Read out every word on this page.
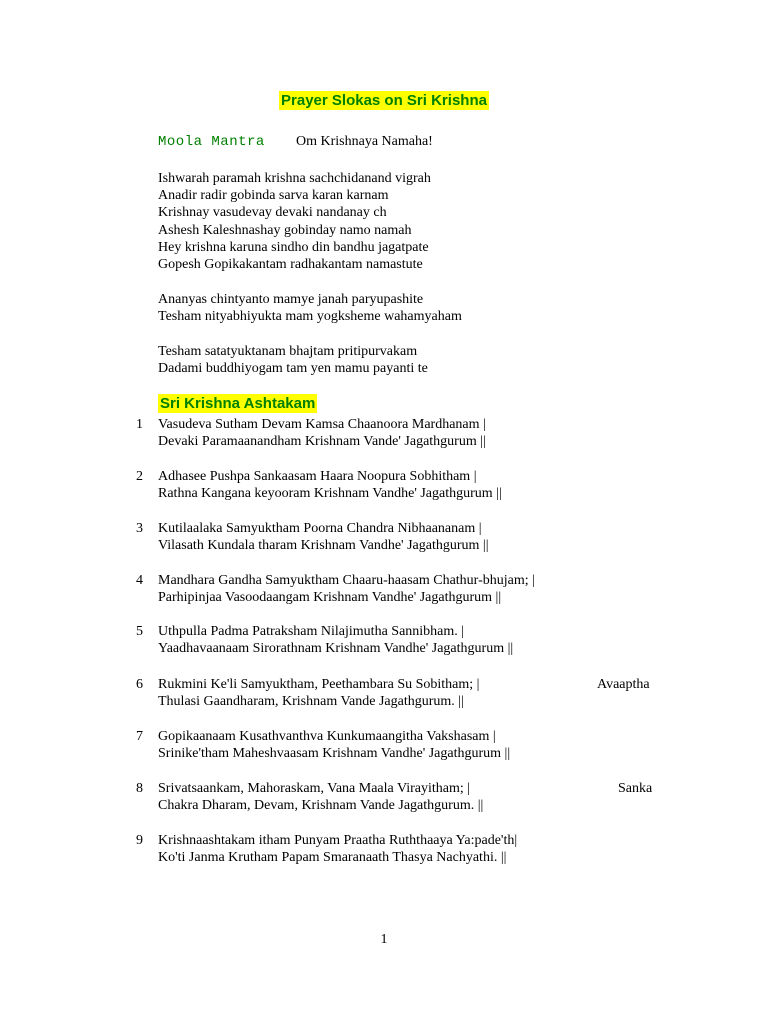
Prayer Slokas on Sri Krishna
Moola Mantra Om Krishnaya Namaha!
Ishwarah paramah krishna sachchidanand vigrah
Anadir radir gobinda sarva karan karnam
Krishnay vasudevay devaki nandanay ch
Ashesh Kaleshnashay gobinday namo namah
Hey krishna karuna sindho din bandhu jagatpate
Gopesh Gopikakantam radhakantam namastute
Ananyas chintyanto mamye janah paryupashite
Tesham nityabhiyukta mam yogksheme wahamyaham
Tesham satatyuktanam bhajtam pritipurvakam
Dadami buddhiyogam tam yen mamu payanti te
Sri Krishna Ashtakam
1 Vasudeva Sutham Devam Kamsa Chaanoora Mardhanam |
Devaki Paramaanandham Krishnam Vande' Jagathgurum ||
2 Adhasee Pushpa Sankaasam Haara Noopura Sobhitham |
Rathna Kangana keyooram Krishnam Vandhe' Jagathgurum ||
3 Kutilaalaka Samyuktham Poorna Chandra Nibhaananam |
Vilasath Kundala tharam Krishnam Vandhe' Jagathgurum ||
4 Mandhara Gandha Samyuktham Chaaru-haasam Chathur-bhujam; |
Parhipinjaa Vasoodaangam Krishnam Vandhe' Jagathgurum ||
5 Uthpulla Padma Patraksham Nilajimutha Sannibham. |
Yaadhavaanaam Sirorathnam Krishnam Vandhe' Jagathgurum ||
6 Rukmini Ke'li Samyuktham, Peethambara Su Sobitham; |	Avaaptha
Thulasi Gaandharam, Krishnam Vande Jagathgurum. ||
7 Gopikaanaam Kusathvanthva Kunkumaangitha Vakshasam |
Srinike'tham Maheshvaasam Krishnam Vandhe' Jagathgurum ||
8 Srivatsaankam, Mahoraskam, Vana Maala Virayitham; |	Sanka
Chakra Dharam, Devam, Krishnam Vande Jagathgurum. ||
9 Krishnaashtakam itham Punyam Praatha Ruththaaya Ya:pade'th|
Ko'ti Janma Krutham Papam Smaranaath Thasya Nachyathi. ||
1
